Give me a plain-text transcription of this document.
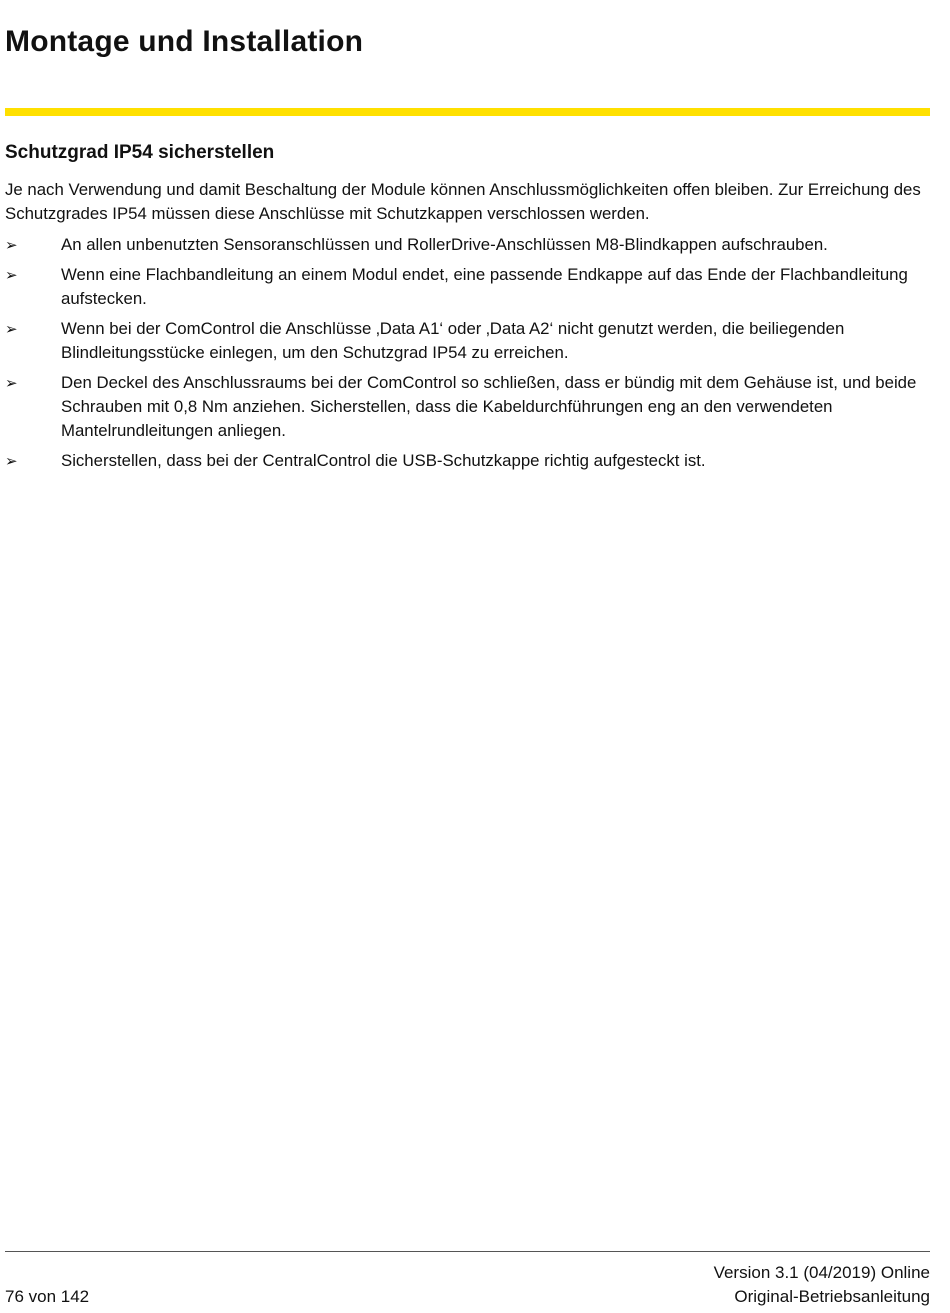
Montage und Installation
Schutzgrad IP54 sicherstellen

Je nach Verwendung und damit Beschaltung der Module können Anschlussmöglichkeiten offen bleiben. Zur Erreichung des Schutzgrades IP54 müssen diese Anschlüsse mit Schutzkappen verschlossen werden.

➢	An allen unbenutzten Sensoranschlüssen und RollerDrive-Anschlüssen M8-Blindkappen aufschrauben.
➢	Wenn eine Flachbandleitung an einem Modul endet, eine passende Endkappe auf das Ende der Flachbandleitung aufstecken.
➢	Wenn bei der ComControl die Anschlüsse ‚Data A1‘ oder ‚Data A2‘ nicht genutzt werden, die beiliegenden Blindleitungsstücke einlegen, um den Schutzgrad IP54 zu erreichen.
➢	Den Deckel des Anschlussraums bei der ComControl so schließen, dass er bündig mit dem Gehäuse ist, und beide Schrauben mit 0,8 Nm anziehen. Sicherstellen, dass die Kabeldurchführungen eng an den verwendeten Mantelrundleitungen anliegen.
➢	Sicherstellen, dass bei der CentralControl die USB-Schutzkappe richtig aufgesteckt ist.
76 von 142
Version 3.1 (04/2019) Online
Original-Betriebsanleitung
